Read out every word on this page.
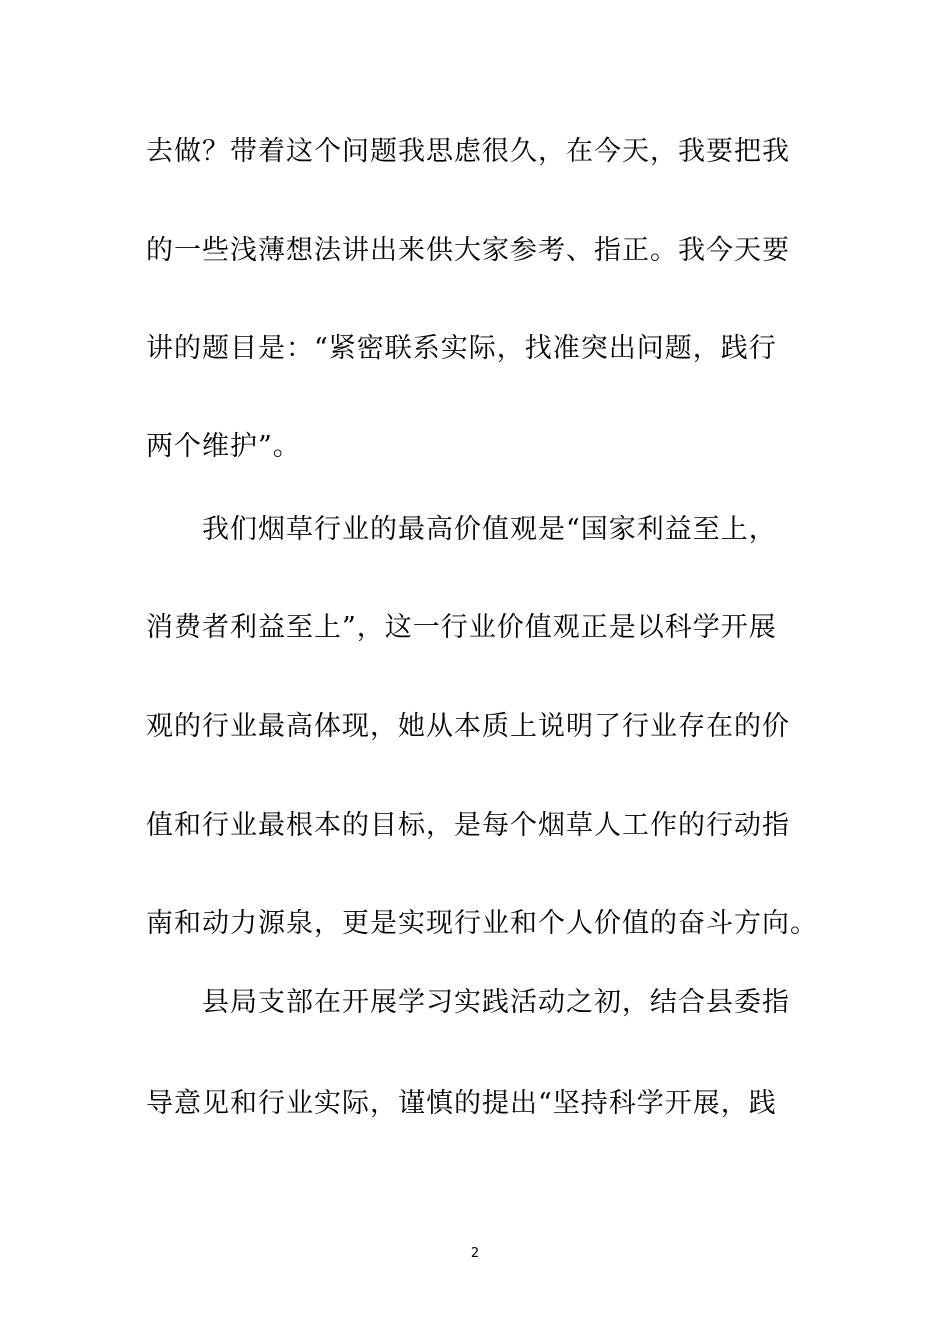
去做？带着这个问题我思虑很久，在今天，我要把我
的一些浅薄想法讲出来供大家参考、指正。我今天要
讲的题目是：“紧密联系实际，找准突出问题，践行
两个维护”。
我们烟草行业的最高价值观是“国家利益至上，
消费者利益至上”，这一行业价值观正是以科学开展
观的行业最高体现，她从本质上说明了行业存在的价
值和行业最根本的目标，是每个烟草人工作的行动指
南和动力源泉，更是实现行业和个人价值的奋斗方向。
县局支部在开展学习实践活动之初，结合县委指
导意见和行业实际，谨慎的提出“坚持科学开展，践
2
